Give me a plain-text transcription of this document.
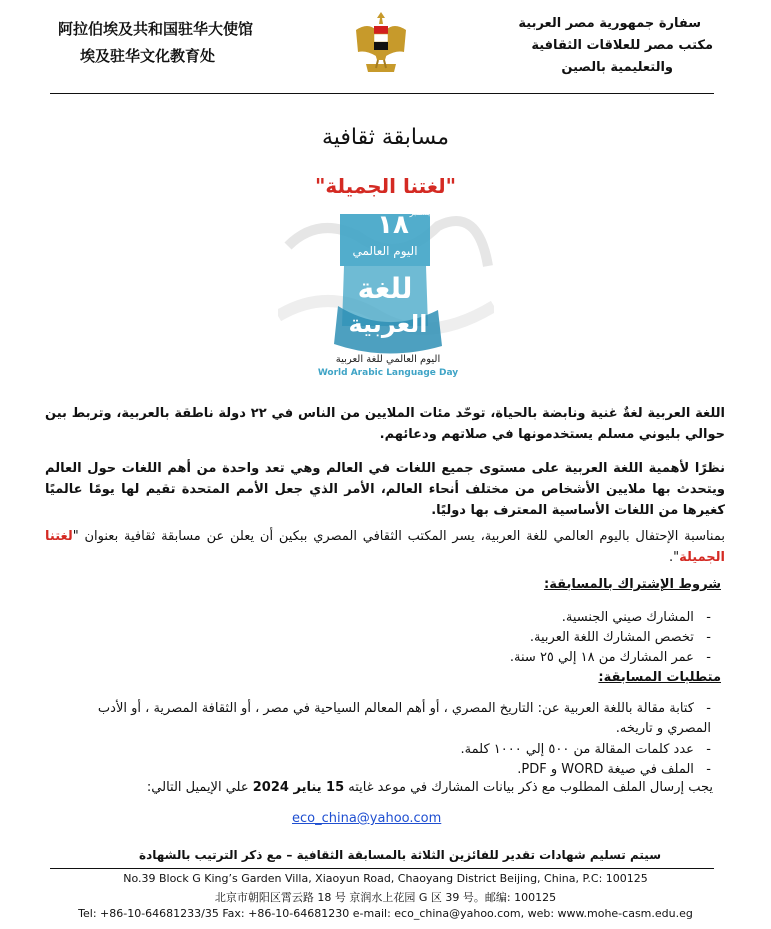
阿拉伯埃及共和国驻华大使馆
埃及驻华文化教育处
سفارة جمهورية مصر العربية
مكتب مصر للعلاقات الثقافية
والتعليمية بالصين
مسابقة ثقافية
"لغتنا الجميلة"
١٨ ديسمبر
اليوم العالمي
للغة
العربية
اليوم العالمي للغة العربية
World Arabic Language Day
اللغة العربية لغةٌ غنية ونابضة بالحياة، توحّد مئات الملايين من الناس في ٢٢ دولة ناطقة بالعربية، وتربط بين حوالي بليوني مسلم يستخدمونها في صلاتهم ودعائهم.
نظرًا لأهمية اللغة العربية على مستوى جميع اللغات في العالم وهي تعد واحدة من أهم اللغات حول العالم ويتحدث بها ملايين الأشخاص من مختلف أنحاء العالم، الأمر الذي جعل الأمم المتحدة تقيم لها يومًا عالميًا كغيرها من اللغات الأساسية المعترف بها دوليًا.
بمناسبة الإحتفال باليوم العالمي للغة العربية، يسر المكتب الثقافي المصري ببكين أن يعلن عن مسابقة ثقافية بعنوان "لغتنا الجميلة".
شروط الإشتراك بالمسابقة:
-   المشارك صيني الجنسية.
-   تخصص المشارك اللغة العربية.
-   عمر المشارك من ١٨ إلي ٢٥ سنة.
متطلبات المسابقة:
-   كتابة مقالة باللغة العربية عن: التاريخ المصري ، أو أهم المعالم السياحية في مصر ، أو الثقافة المصرية ، أو الأدب المصري و تاريخه.
-   عدد كلمات المقالة من ٥٠٠ إلي ١٠٠٠ كلمة.
-   الملف في صيغة WORD و PDF.
يجب إرسال الملف المطلوب مع ذكر بيانات المشارك في موعد غايته 15 يناير 2024 علي الإيميل التالي:
eco_china@yahoo.com
سيتم تسليم شهادات تقدير للفائزين الثلاثة بالمسابقة الثقافية – مع ذكر الترتيب بالشهادة
No.39 Block G King’s Garden Villa, Xiaoyun Road, Chaoyang District Beijing, China, P.C: 100125
北京市朝阳区霄云路 18 号 京润水上花园 G 区 39 号。邮编: 100125
Tel: +86-10-64681233/35 Fax: +86-10-64681230 e-mail: eco_china@yahoo.com, web: www.mohe-casm.edu.eg
